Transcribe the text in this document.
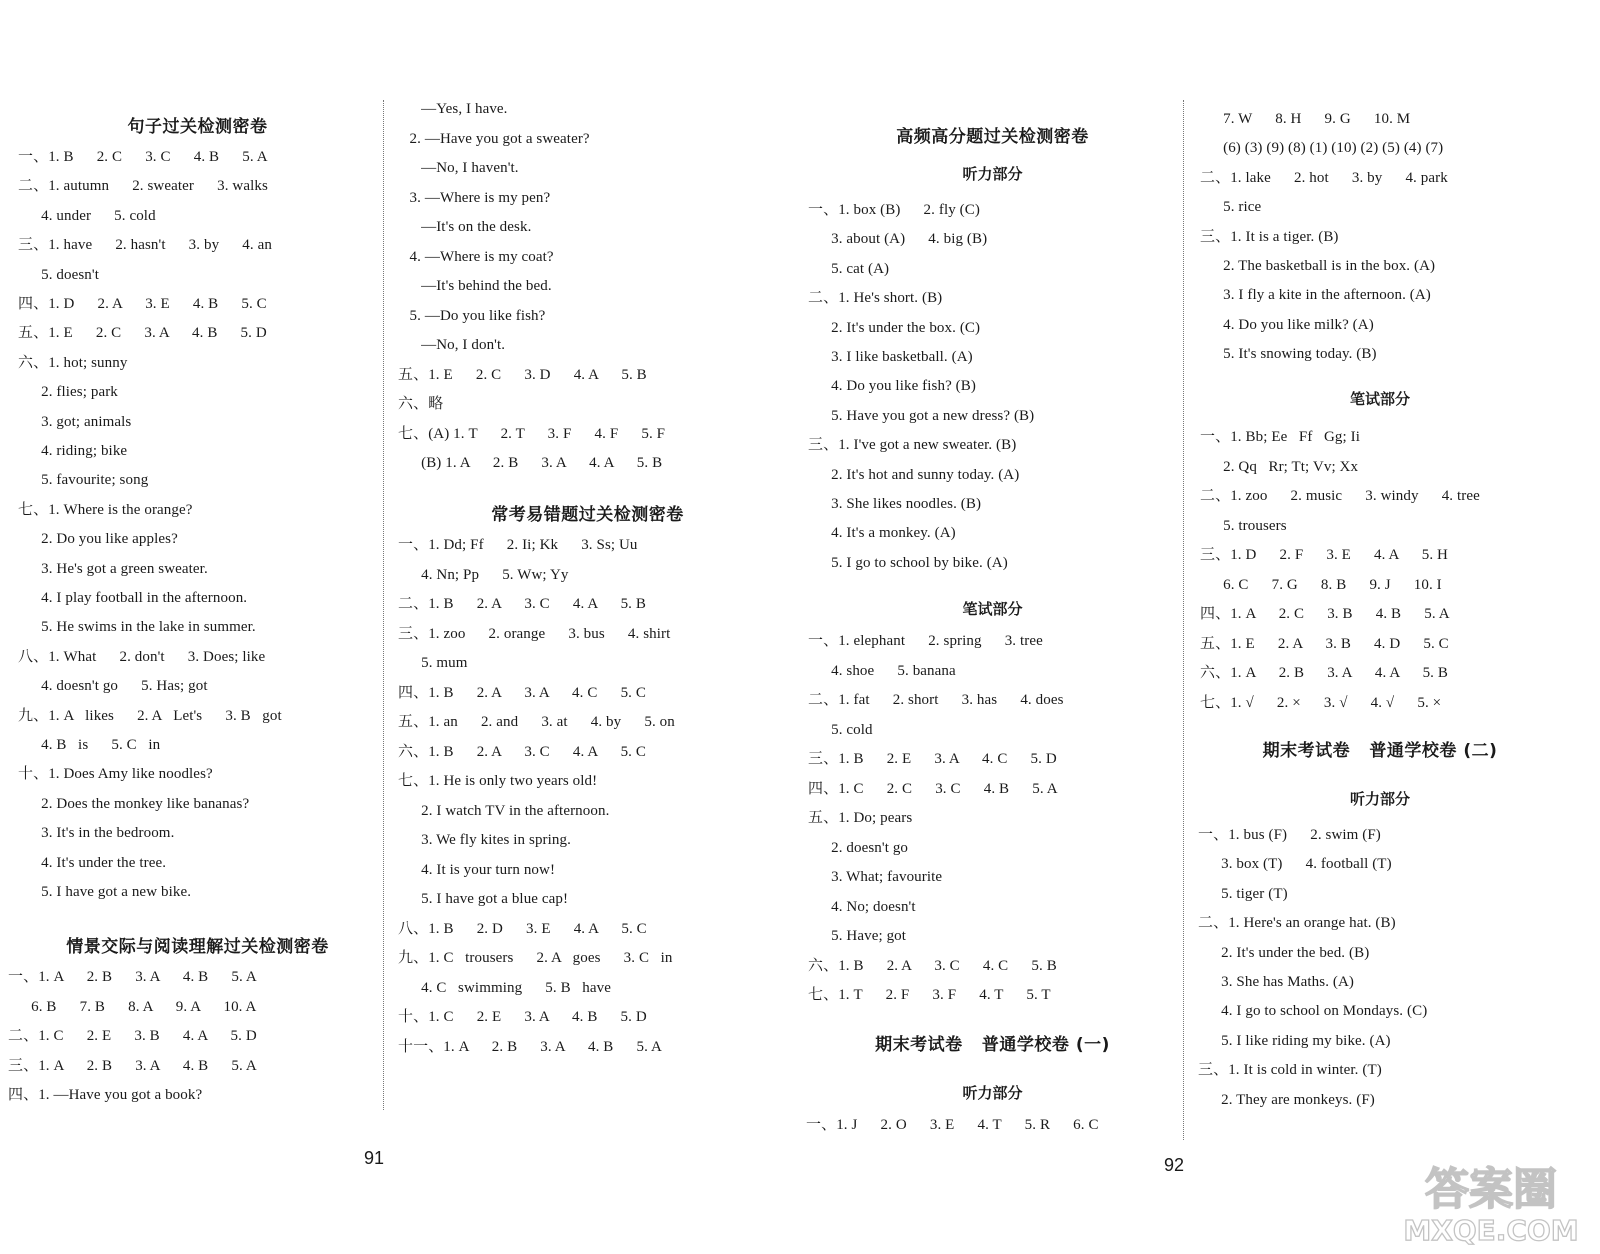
句子过关检测密卷
一、1. B      2. C      3. C      4. B      5. A
二、1. autumn      2. sweater      3. walks
4. under      5. cold
三、1. have      2. hasn't      3. by      4. an
5. doesn't
四、1. D      2. A      3. E      4. B      5. C
五、1. E      2. C      3. A      4. B      5. D
六、1. hot; sunny
2. flies; park
3. got; animals
4. riding; bike
5. favourite; song
七、1. Where is the orange?
2. Do you like apples?
3. He's got a green sweater.
4. I play football in the afternoon.
5. He swims in the lake in summer.
八、1. What      2. don't      3. Does; like
4. doesn't go      5. Has; got
九、1. A   likes      2. A   Let's      3. B   got
4. B   is      5. C   in
十、1. Does Amy like noodles?
2. Does the monkey like bananas?
3. It's in the bedroom.
4. It's under the tree.
5. I have got a new bike.
情景交际与阅读理解过关检测密卷
一、1. A      2. B      3. A      4. B      5. A
6. B      7. B      8. A      9. A      10. A
二、1. C      2. E      3. B      4. A      5. D
三、1. A      2. B      3. A      4. B      5. A
四、1. —Have you got a book?
—Yes, I have.
2. —Have you got a sweater?
—No, I haven't.
3. —Where is my pen?
—It's on the desk.
4. —Where is my coat?
—It's behind the bed.
5. —Do you like fish?
—No, I don't.
五、1. E      2. C      3. D      4. A      5. B
六、略
七、(A) 1. T      2. T      3. F      4. F      5. F
(B) 1. A      2. B      3. A      4. A      5. B
常考易错题过关检测密卷
一、1. Dd; Ff      2. Ii; Kk      3. Ss; Uu
4. Nn; Pp      5. Ww; Yy
二、1. B      2. A      3. C      4. A      5. B
三、1. zoo      2. orange      3. bus      4. shirt
5. mum
四、1. B      2. A      3. A      4. C      5. C
五、1. an      2. and      3. at      4. by      5. on
六、1. B      2. A      3. C      4. A      5. C
七、1. He is only two years old!
2. I watch TV in the afternoon.
3. We fly kites in spring.
4. It is your turn now!
5. I have got a blue cap!
八、1. B      2. D      3. E      4. A      5. C
九、1. C   trousers      2. A   goes      3. C   in
4. C   swimming      5. B   have
十、1. C      2. E      3. A      4. B      5. D
十一、1. A      2. B      3. A      4. B      5. A
91
高频高分题过关检测密卷
听力部分
一、1. box (B)      2. fly (C)
3. about (A)      4. big (B)
5. cat (A)
二、1. He's short. (B)
2. It's under the box. (C)
3. I like basketball. (A)
4. Do you like fish? (B)
5. Have you got a new dress? (B)
三、1. I've got a new sweater. (B)
2. It's hot and sunny today. (A)
3. She likes noodles. (B)
4. It's a monkey. (A)
5. I go to school by bike. (A)
笔试部分
一、1. elephant      2. spring      3. tree
4. shoe      5. banana
二、1. fat      2. short      3. has      4. does
5. cold
三、1. B      2. E      3. A      4. C      5. D
四、1. C      2. C      3. C      4. B      5. A
五、1. Do; pears
2. doesn't go
3. What; favourite
4. No; doesn't
5. Have; got
六、1. B      2. A      3. C      4. C      5. B
七、1. T      2. F      3. F      4. T      5. T
期末考试卷   普通学校卷 (一)
听力部分
一、1. J      2. O      3. E      4. T      5. R      6. C
92
7. W      8. H      9. G      10. M
(6) (3) (9) (8) (1) (10) (2) (5) (4) (7)
二、1. lake      2. hot      3. by      4. park
5. rice
三、1. It is a tiger. (B)
2. The basketball is in the box. (A)
3. I fly a kite in the afternoon. (A)
4. Do you like milk? (A)
5. It's snowing today. (B)
笔试部分
一、1. Bb; Ee   Ff   Gg; Ii
2. Qq   Rr; Tt; Vv; Xx
二、1. zoo      2. music      3. windy      4. tree
5. trousers
三、1. D      2. F      3. E      4. A      5. H
6. C      7. G      8. B      9. J      10. I
四、1. A      2. C      3. B      4. B      5. A
五、1. E      2. A      3. B      4. D      5. C
六、1. A      2. B      3. A      4. A      5. B
七、1. √      2. ×      3. √      4. √      5. ×
期末考试卷   普通学校卷 (二)
听力部分
一、1. bus (F)      2. swim (F)
3. box (T)      4. football (T)
5. tiger (T)
二、1. Here's an orange hat. (B)
2. It's under the bed. (B)
3. She has Maths. (A)
4. I go to school on Mondays. (C)
5. I like riding my bike. (A)
三、1. It is cold in winter. (T)
2. They are monkeys. (F)
答案圈
MXQE.COM
